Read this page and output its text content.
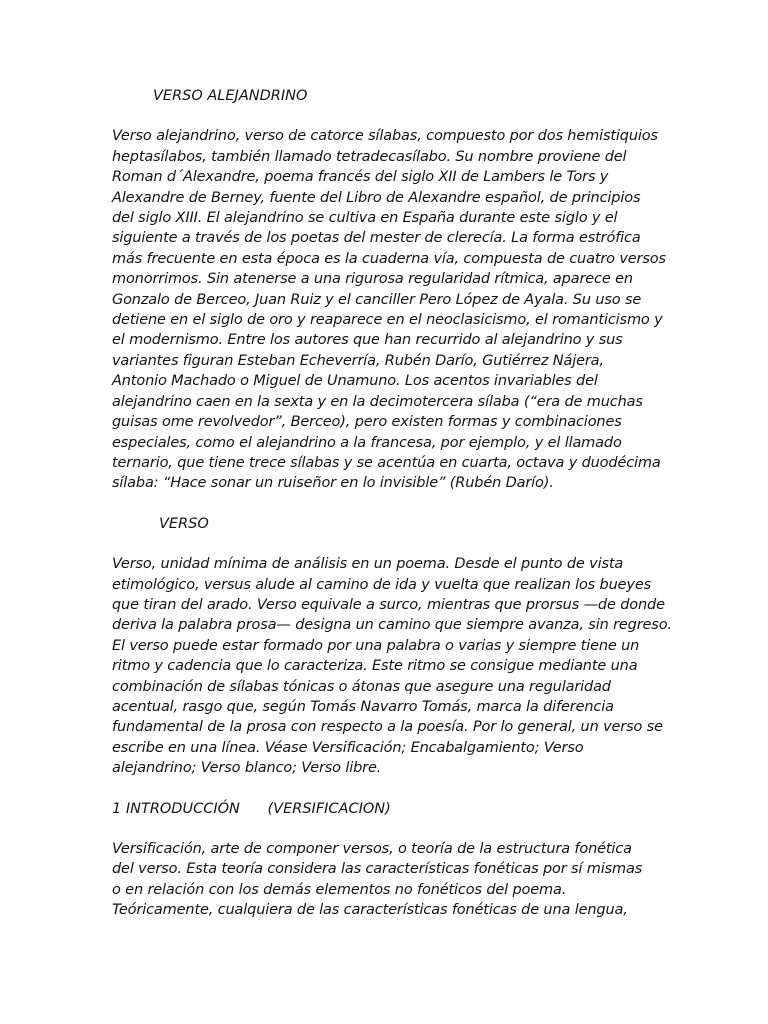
VERSO ALEJANDRINO
Verso alejandrino, verso de catorce sílabas, compuesto por dos hemistiquios
heptasílabos, también llamado tetradecasílabo. Su nombre proviene del
Roman d´Alexandre, poema francés del siglo XII de Lambers le Tors y
Alexandre de Berney, fuente del Libro de Alexandre español, de principios
del siglo XIII. El alejandrino se cultiva en España durante este siglo y el
siguiente a través de los poetas del mester de clerecía. La forma estrófica
más frecuente en esta época es la cuaderna vía, compuesta de cuatro versos
monorrimos. Sin atenerse a una rigurosa regularidad rítmica, aparece en
Gonzalo de Berceo, Juan Ruiz y el canciller Pero López de Ayala. Su uso se
detiene en el siglo de oro y reaparece en el neoclasicismo, el romanticismo y
el modernismo. Entre los autores que han recurrido al alejandrino y sus
variantes figuran Esteban Echeverría, Rubén Darío, Gutiérrez Nájera,
Antonio Machado o Miguel de Unamuno. Los acentos invariables del
alejandrino caen en la sexta y en la decimotercera sílaba (“era de muchas
guisas ome revolvedor”, Berceo), pero existen formas y combinaciones
especiales, como el alejandrino a la francesa, por ejemplo, y el llamado
ternario, que tiene trece sílabas y se acentúa en cuarta, octava y duodécima
sílaba: “Hace sonar un ruiseñor en lo invisible” (Rubén Darío).
VERSO
Verso, unidad mínima de análisis en un poema. Desde el punto de vista
etimológico, versus alude al camino de ida y vuelta que realizan los bueyes
que tiran del arado. Verso equivale a surco, mientras que prorsus —de donde
deriva la palabra prosa— designa un camino que siempre avanza, sin regreso.
El verso puede estar formado por una palabra o varias y siempre tiene un
ritmo y cadencia que lo caracteriza. Este ritmo se consigue mediante una
combinación de sílabas tónicas o átonas que asegure una regularidad
acentual, rasgo que, según Tomás Navarro Tomás, marca la diferencia
fundamental de la prosa con respecto a la poesía. Por lo general, un verso se
escribe en una línea. Véase Versificación; Encabalgamiento; Verso
alejandrino; Verso blanco; Verso libre.
1 INTRODUCCIÓN      (VERSIFICACION)
Versificación, arte de componer versos, o teoría de la estructura fonética
del verso. Esta teoría considera las características fonéticas por sí mismas
o en relación con los demás elementos no fonéticos del poema.
Teóricamente, cualquiera de las características fonéticas de una lengua,
